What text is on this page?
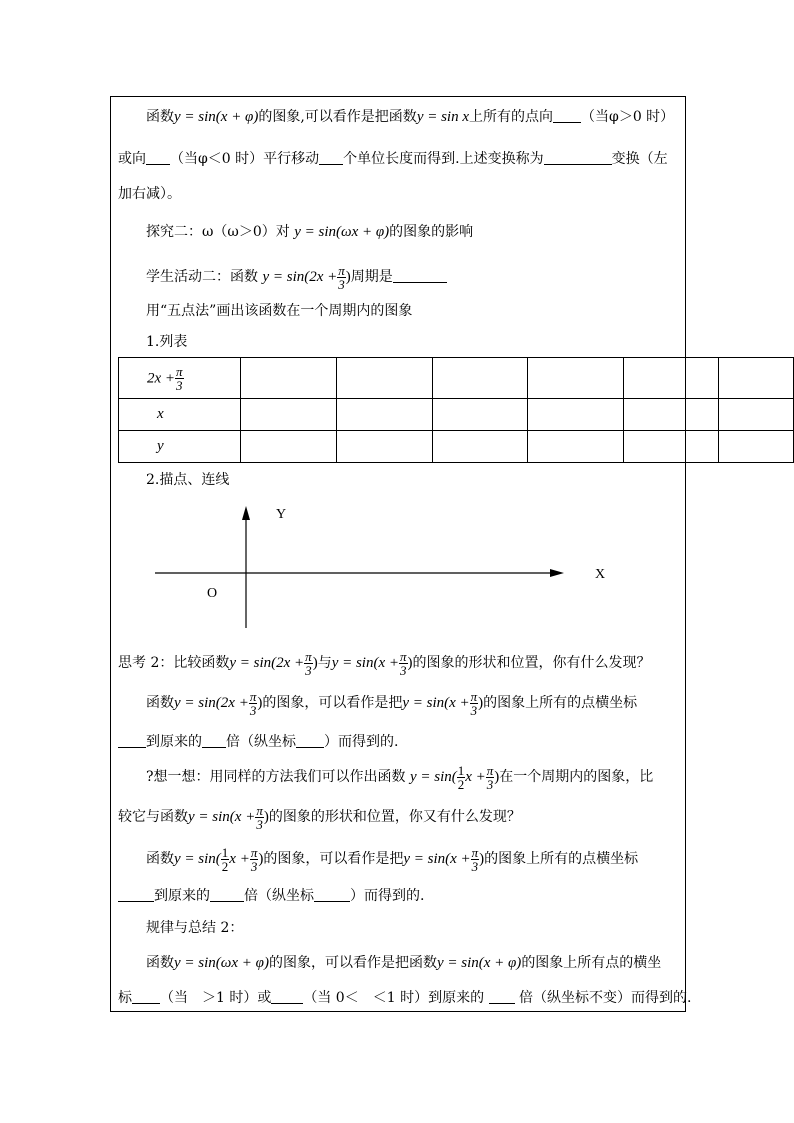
函数y = sin(x + φ)的图象,可以看作是把函数y = sin x上所有的点向 （当φ＞0 时）
或向 （当φ＜0 时）平行移动 个单位长度而得到.上述变换称为	变换（左
加右减）。
探究二：ω（ω＞0）对 y = sin(ωx + φ)的图象的影响
学生活动二：函数 $y = \sin(2x + \frac{\pi}{3}$ )周期是
用“五点法”画出该函数在一个周期内的图象
1.列表
$2x + \frac{\pi}{3}$

x						
y						
2.描点、连线
Y
X
O
思考 2：比较函数$y = \sin(2x + \frac{\pi}{3}$ )与$y = \sin(x + \frac{\pi}{3}$ )的图象的形状和位置，你有什么发现？
函数$y = \sin(2x + \frac{\pi}{3}$ )的图象，可以看作是把$y = \sin(x + \frac{\pi}{3}$ )的图象上所有的点横坐标
到原来的 倍（纵坐标 ）而得到的.
?想一想：用同样的方法我们可以作出函数 $y = \sin( \frac{1}{2}$ $x + \frac{\pi}{3}$ )在一个周期内的图象，比
较它与函数$y = \sin(x + \frac{\pi}{3}$ )的图象的形状和位置，你又有什么发现？
函数$y = \sin( \frac{1}{2}$ $x + \frac{\pi}{3}$ )的图象，可以看作是把$y = \sin(x + \frac{\pi}{3}$ )的图象上所有的点横坐标
到原来的 倍（纵坐标	）而得到的.
规律与总结 2：
函数y = sin(ωx + φ)的图象，可以看作是把函数y = sin(x + φ)的图象上所有点的横坐
标 （当　＞1 时）或 （当 0＜　＜1 时）到原来的 倍（纵坐标不变）而得到的.
